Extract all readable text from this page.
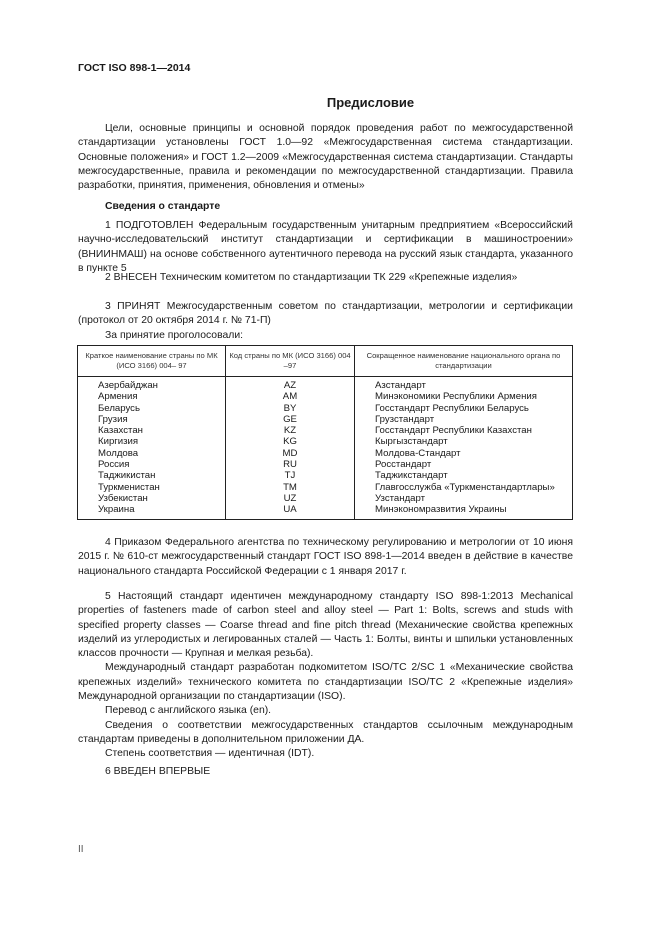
ГОСТ ISO 898-1—2014
Предисловие

Цели, основные принципы и основной порядок проведения работ по межгосударственной стандартизации установлены ГОСТ 1.0—92 «Межгосударственная система стандартизации. Основные положения» и ГОСТ 1.2—2009 «Межгосударственная система стандартизации. Стандарты межгосударственные, правила и рекомендации по межгосударственной стандартизации. Правила разработки, принятия, применения, обновления и отмены»

Сведения о стандарте

1 ПОДГОТОВЛЕН Федеральным государственным унитарным предприятием «Всероссийский научно-исследовательский институт стандартизации и сертификации в машиностроении» (ВНИИНМАШ) на основе собственного аутентичного перевода на русский язык стандарта, указанного в пункте 5

2 ВНЕСЕН Техническим комитетом по стандартизации ТК 229 «Крепежные изделия»

3 ПРИНЯТ Межгосударственным советом по стандартизации, метрологии и сертификации (протокол от 20 октября 2014 г. № 71-П)

За принятие проголосовали:

Краткое наименование страны по МК (ИСО 3166) 004– 97	Код страны по МК (ИСО 3166) 004 –97	Сокращенное наименование национального органа по стандартизации
Азербайджан	AZ	Азстандарт
Армения	AM	Минэкономики Республики Армения
Беларусь	BY	Госстандарт Республики Беларусь
Грузия	GE	Грузстандарт
Казахстан	KZ	Госстандарт Республики Казахстан
Киргизия	KG	Кыргызстандарт
Молдова	MD	Молдова-Стандарт
Россия	RU	Росстандарт
Таджикистан	TJ	Таджикстандарт
Туркменистан	TM	Главгосслужба «Туркменстандартлары»
Узбекистан	UZ	Узстандарт
Украина	UA	Минэкономразвития Украины

4 Приказом Федерального агентства по техническому регулированию и метрологии от 10 июня 2015 г. № 610-ст межгосударственный стандарт ГОСТ ISO 898-1—2014 введен в действие в качестве национального стандарта Российской Федерации с 1 января 2017 г.

5 Настоящий стандарт идентичен международному стандарту ISO 898-1:2013 Mechanical properties of fasteners made of carbon steel and alloy steel — Part 1: Bolts, screws and studs with specified property classes — Coarse thread and fine pitch thread (Механические свойства крепежных изделий из углеродистых и легированных сталей — Часть 1: Болты, винты и шпильки установленных классов прочности — Крупная и мелкая резьба).

Международный стандарт разработан подкомитетом ISO/TC 2/SC 1 «Механические свойства крепежных изделий» технического комитета по стандартизации ISO/TC 2 «Крепежные изделия» Международной организации по стандартизации (ISO).

Перевод с английского языка (en).

Сведения о соответствии межгосударственных стандартов ссылочным международным стандартам приведены в дополнительном приложении ДА.

Степень соответствия — идентичная (IDT).

6 ВВЕДЕН ВПЕРВЫЕ

II
